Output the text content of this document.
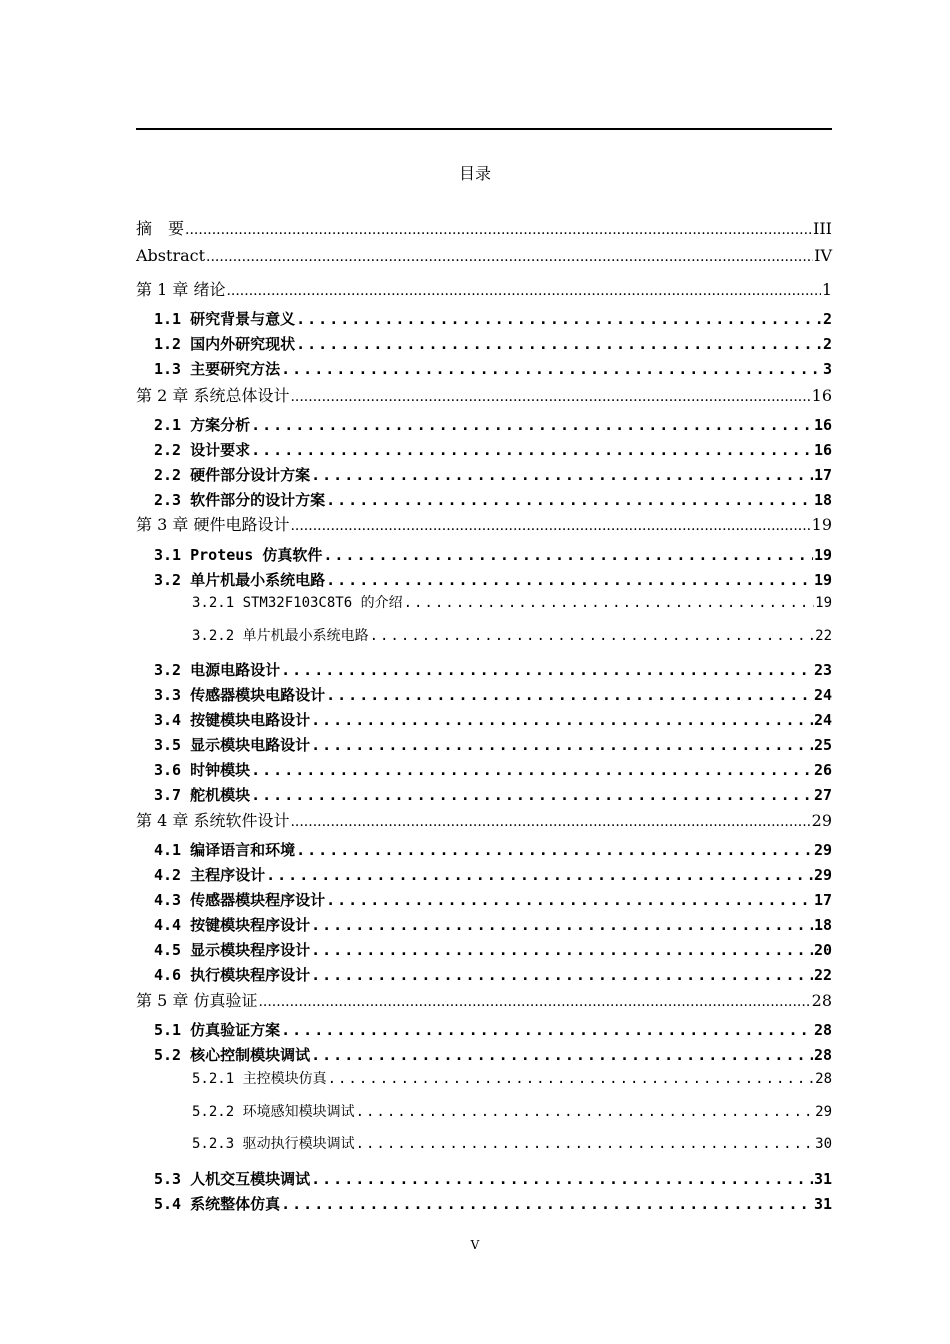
目录
摘　要 .....	III
Abstract .....	IV
第 1 章 绪论 .....	1
1.1 研究背景与意义 .....	2
1.2 国内外研究现状 .....	2
1.3 主要研究方法 .....	3
第 2 章 系统总体设计 .....	16
2.1 方案分析 .....	16
2.2 设计要求 .....	16
2.2 硬件部分设计方案 .....	17
2.3 软件部分的设计方案 .....	18
第 3 章 硬件电路设计 .....	19
3.1 Proteus 仿真软件 .....	19
3.2 单片机最小系统电路 .....	19
3.2.1 STM32F103C8T6 的介绍 .....	19
3.2.2 单片机最小系统电路 .....	22
3.2 电源电路设计 .....	23
3.3 传感器模块电路设计 .....	24
3.4 按键模块电路设计 .....	24
3.5 显示模块电路设计 .....	25
3.6 时钟模块 .....	26
3.7 舵机模块 .....	27
第 4 章 系统软件设计 .....	29
4.1 编译语言和环境 .....	29
4.2 主程序设计 .....	29
4.3 传感器模块程序设计 .....	17
4.4 按键模块程序设计 .....	18
4.5 显示模块程序设计 .....	20
4.6 执行模块程序设计 .....	22
第 5 章 仿真验证 .....	28
5.1 仿真验证方案 .....	28
5.2 核心控制模块调试 .....	28
5.2.1 主控模块仿真 .....	28
5.2.2 环境感知模块调试 .....	29
5.2.3 驱动执行模块调试 .....	30
5.3 人机交互模块调试 .....	31
5.4 系统整体仿真 .....	31
V
